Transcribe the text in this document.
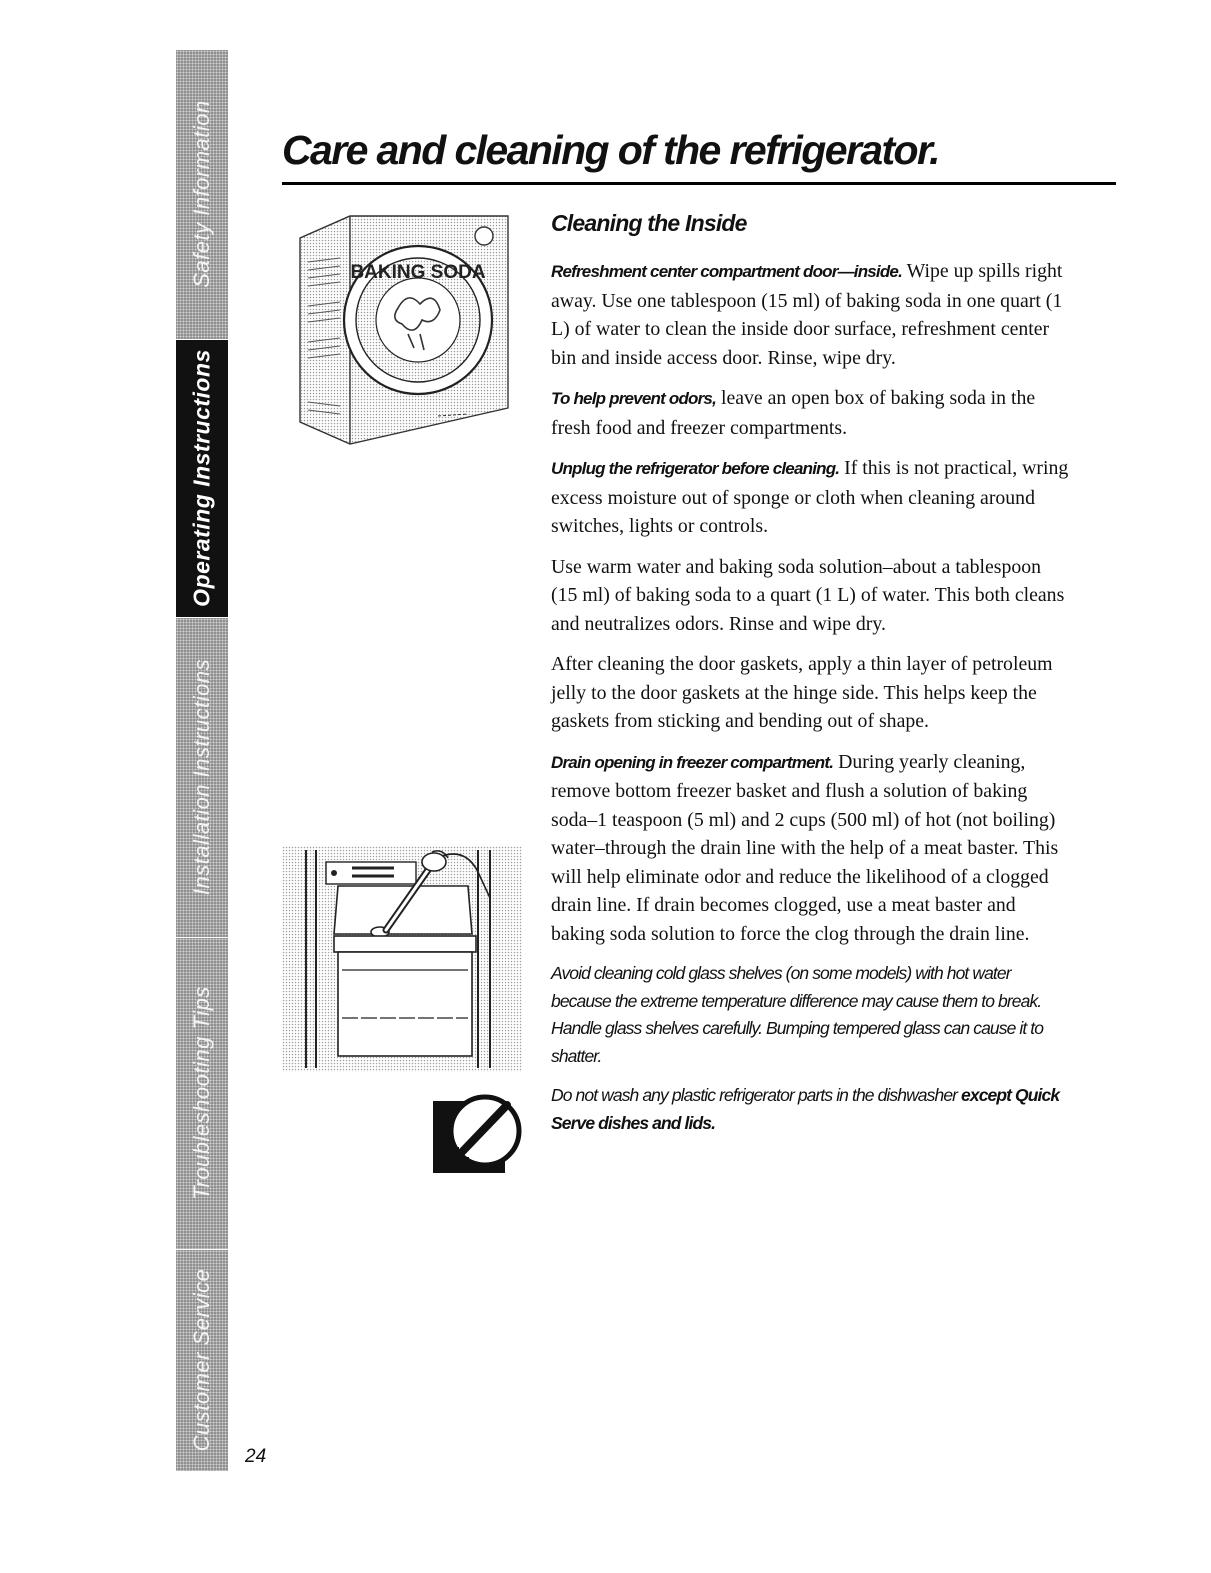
Safety Information
Operating Instructions
Installation Instructions
Troubleshooting Tips
Customer Service
24
Care and cleaning of the refrigerator.
BAKING SODA
Cleaning the Inside

Refreshment center compartment door—inside. Wipe up spills right away. Use one tablespoon (15 ml) of baking soda in one quart (1 L) of water to clean the inside door surface, refreshment center bin and inside access door. Rinse, wipe dry.

To help prevent odors, leave an open box of baking soda in the fresh food and freezer compartments.

Unplug the refrigerator before cleaning. If this is not practical, wring excess moisture out of sponge or cloth when cleaning around switches, lights or controls.

Use warm water and baking soda solution–about a tablespoon (15 ml) of baking soda to a quart (1 L) of water. This both cleans and neutralizes odors. Rinse and wipe dry.

After cleaning the door gaskets, apply a thin layer of petroleum jelly to the door gaskets at the hinge side. This helps keep the gaskets from sticking and bending out of shape.

Drain opening in freezer compartment. During yearly cleaning, remove bottom freezer basket and flush a solution of baking soda–1 teaspoon (5 ml) and 2 cups (500 ml) of hot (not boiling) water–through the drain line with the help of a meat baster. This will help eliminate odor and reduce the likelihood of a clogged drain line. If drain becomes clogged, use a meat baster and baking soda solution to force the clog through the drain line.

Avoid cleaning cold glass shelves (on some models) with hot water because the extreme temperature difference may cause them to break. Handle glass shelves carefully. Bumping tempered glass can cause it to shatter.

Do not wash any plastic refrigerator parts in the dishwasher except Quick Serve dishes and lids.
